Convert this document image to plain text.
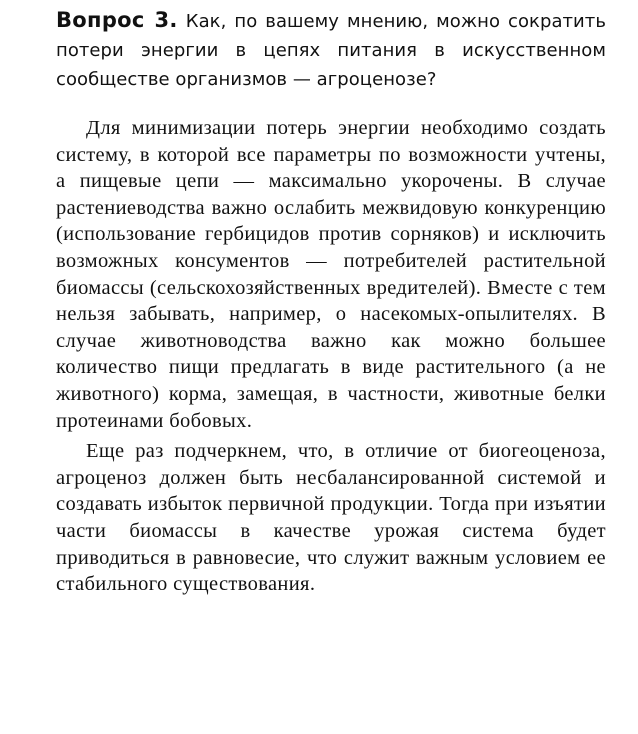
Вопрос 3. Как, по вашему мнению, можно сократить потери энергии в цепях питания в искусственном сообществе организмов — агроценозе?

Для минимизации потерь энергии необходимо создать систему, в которой все параметры по возможности учтены, а пищевые цепи — максимально укорочены. В случае растениеводства важно ослабить межвидовую конкуренцию (использование гербицидов против сорняков) и исключить возможных консументов — потребителей растительной биомассы (сельскохозяйственных вредителей). Вместе с тем нельзя забывать, например, о насекомых-опылителях. В случае животноводства важно как можно большее количество пищи предлагать в виде растительного (а не животного) корма, замещая, в частности, животные белки протеинами бобовых.

Еще раз подчеркнем, что, в отличие от биогеоценоза, агроценоз должен быть несбалансированной системой и создавать избыток первичной продукции. Тогда при изъятии части биомассы в качестве урожая система будет приводиться в равновесие, что служит важным условием ее стабильного существования.
